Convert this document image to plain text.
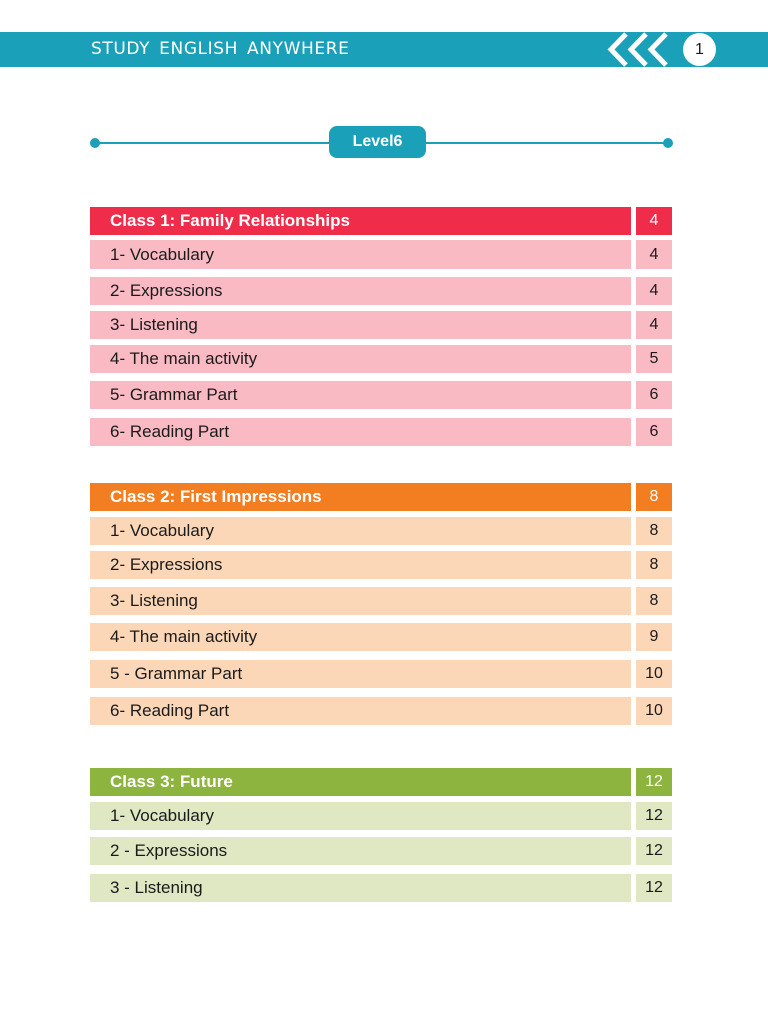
STUDY ENGLISH ANYWHERE	1
Level6
Class 1: Family Relationships	4
1- Vocabulary	4
2- Expressions	4
3- Listening	4
4- The main activity	5
5- Grammar Part	6
6- Reading Part	6
Class 2: First Impressions	8
1- Vocabulary	8
2- Expressions	8
3- Listening	8
4- The main activity	9
5 - Grammar Part	10
6- Reading Part	10
Class 3: Future	12
1- Vocabulary	12
2 - Expressions	12
3 - Listening	12
